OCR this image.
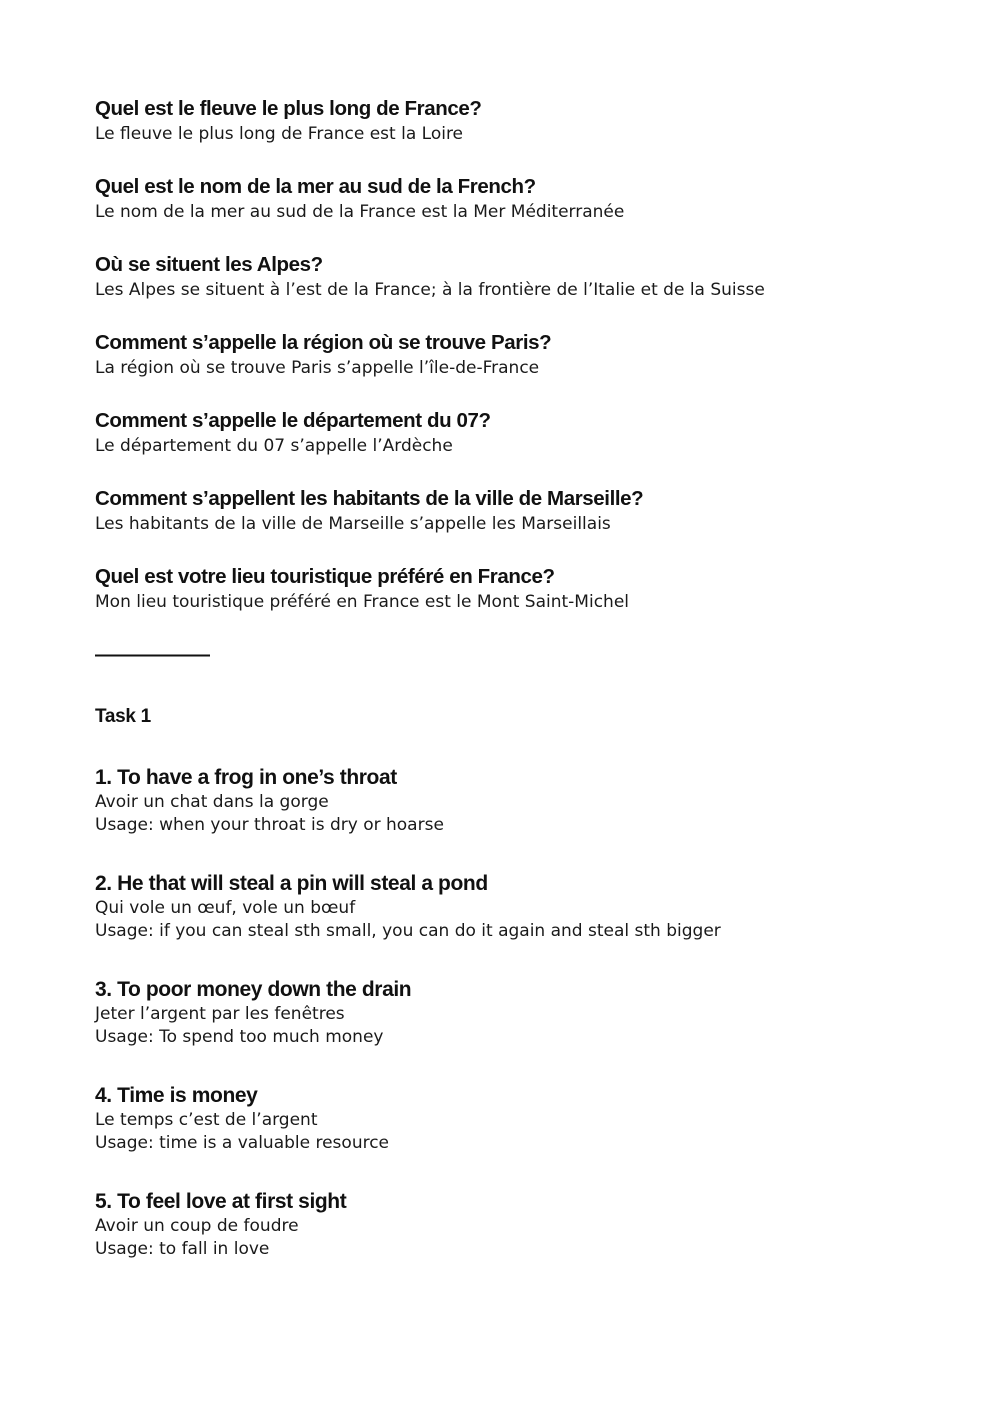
Quel est le fleuve le plus long de France?

Le fleuve le plus long de France est la Loire

Quel est le nom de la mer au sud de la French?

Le nom de la mer au sud de la France est la Mer Méditerranée

Où se situent les Alpes?

Les Alpes se situent à l’est de la France; à la frontière de l’Italie et de la Suisse

Comment s’appelle la région où se trouve Paris?

La région où se trouve Paris s’appelle l’île-de-France

Comment s’appelle le département du 07?

Le département du 07 s’appelle l’Ardèche

Comment s’appellent les habitants de la ville de Marseille?

Les habitants de la ville de Marseille s’appelle les Marseillais

Quel est votre lieu touristique préféré en France?

Mon lieu touristique préféré en France est le Mont Saint-Michel

——————

Task 1

1. To have a frog in one’s throat

Avoir un chat dans la gorge

Usage: when your throat is dry or hoarse

2. He that will steal a pin will steal a pond

Qui vole un œuf, vole un bœuf

Usage: if you can steal sth small, you can do it again and steal sth bigger

3. To poor money down the drain

Jeter l’argent par les fenêtres

Usage: To spend too much money

4. Time is money

Le temps c’est de l’argent

Usage: time is a valuable resource

5. To feel love at first sight

Avoir un coup de foudre

Usage: to fall in love
